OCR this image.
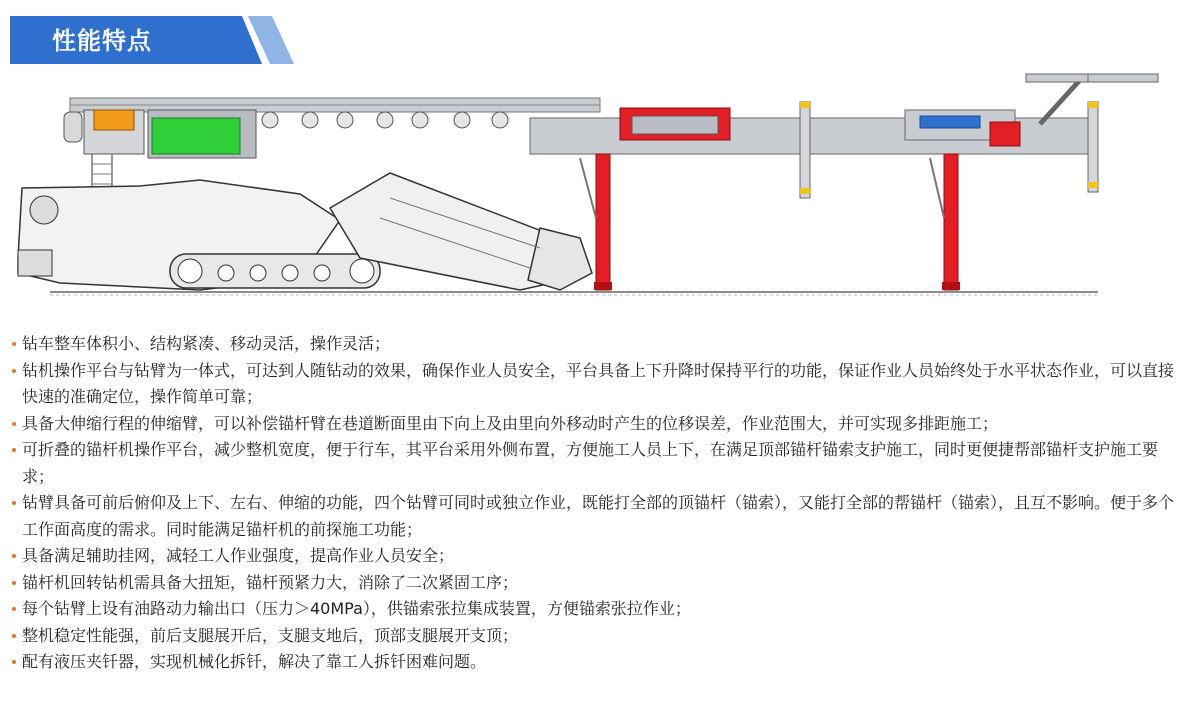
性能特点
钻车整车体积小、结构紧凑、移动灵活，操作灵活；
钻机操作平台与钻臂为一体式，可达到人随钻动的效果，确保作业人员安全，平台具备上下升降时保持平行的功能，保证作业人员始终处于水平状态作业，可以直接快速的准确定位，操作简单可靠；
具备大伸缩行程的伸缩臂，可以补偿锚杆臂在巷道断面里由下向上及由里向外移动时产生的位移误差，作业范围大，并可实现多排距施工；
可折叠的锚杆机操作平台，减少整机宽度，便于行车，其平台采用外侧布置，方便施工人员上下，在满足顶部锚杆锚索支护施工，同时更便捷帮部锚杆支护施工要求；
钻臂具备可前后俯仰及上下、左右、伸缩的功能，四个钻臂可同时或独立作业，既能打全部的顶锚杆（锚索），又能打全部的帮锚杆（锚索），且互不影响。便于多个工作面高度的需求。同时能满足锚杆机的前探施工功能；
具备满足辅助挂网，减轻工人作业强度，提高作业人员安全；
锚杆机回转钻机需具备大扭矩，锚杆预紧力大，消除了二次紧固工序；
每个钻臂上设有油路动力输出口（压力＞40MPa），供锚索张拉集成装置，方便锚索张拉作业；
整机稳定性能强，前后支腿展开后，支腿支地后，顶部支腿展开支顶；
配有液压夹钎器，实现机械化拆钎，解决了靠工人拆钎困难问题。
